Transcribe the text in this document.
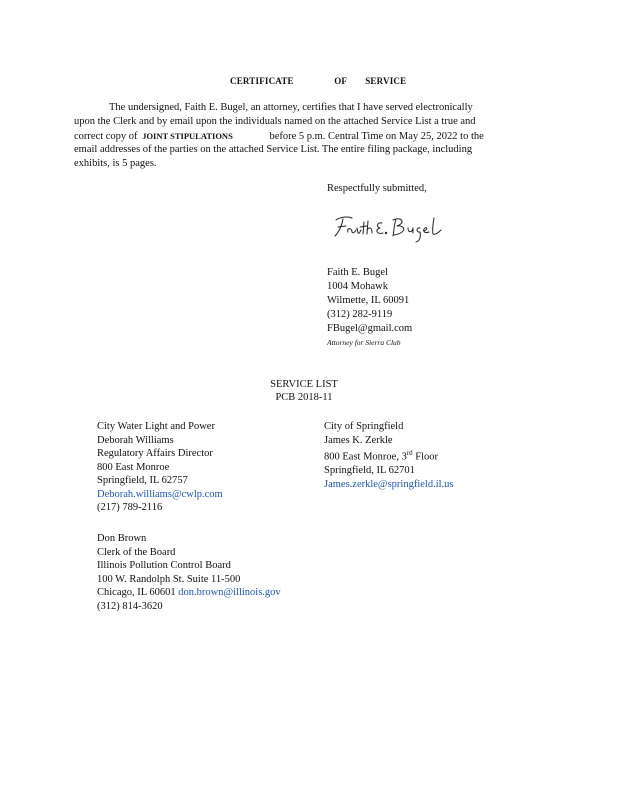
CERTIFICATE	OF SERVICE
The undersigned, Faith E. Bugel, an attorney, certifies that I have served electronically
upon the Clerk and by email upon the individuals named on the attached Service List a true and
correct copy of JOINT STIPULATIONS	before 5 p.m. Central Time on May 25, 2022 to the
email addresses of the parties on the attached Service List. The entire filing package, including
exhibits, is 5 pages.
Respectfully submitted,
Faith E. Bugel
1004 Mohawk
Wilmette, IL 60091
(312) 282-9119
FBugel@gmail.com
Attorney for Sierra Club
SERVICE LIST
PCB 2018-11
City Water Light and Power
Deborah Williams
Regulatory Affairs Director
800 East Monroe
Springfield, IL 62757
Deborah.williams@cwlp.com
(217) 789-2116
City of Springfield
James K. Zerkle
800 East Monroe, 3rd Floor
Springfield, IL 62701
James.zerkle@springfield.il.us
Don Brown
Clerk of the Board
Illinois Pollution Control Board
100 W. Randolph St. Suite 11-500
Chicago, IL 60601 don.brown@illinois.gov
(312) 814-3620
